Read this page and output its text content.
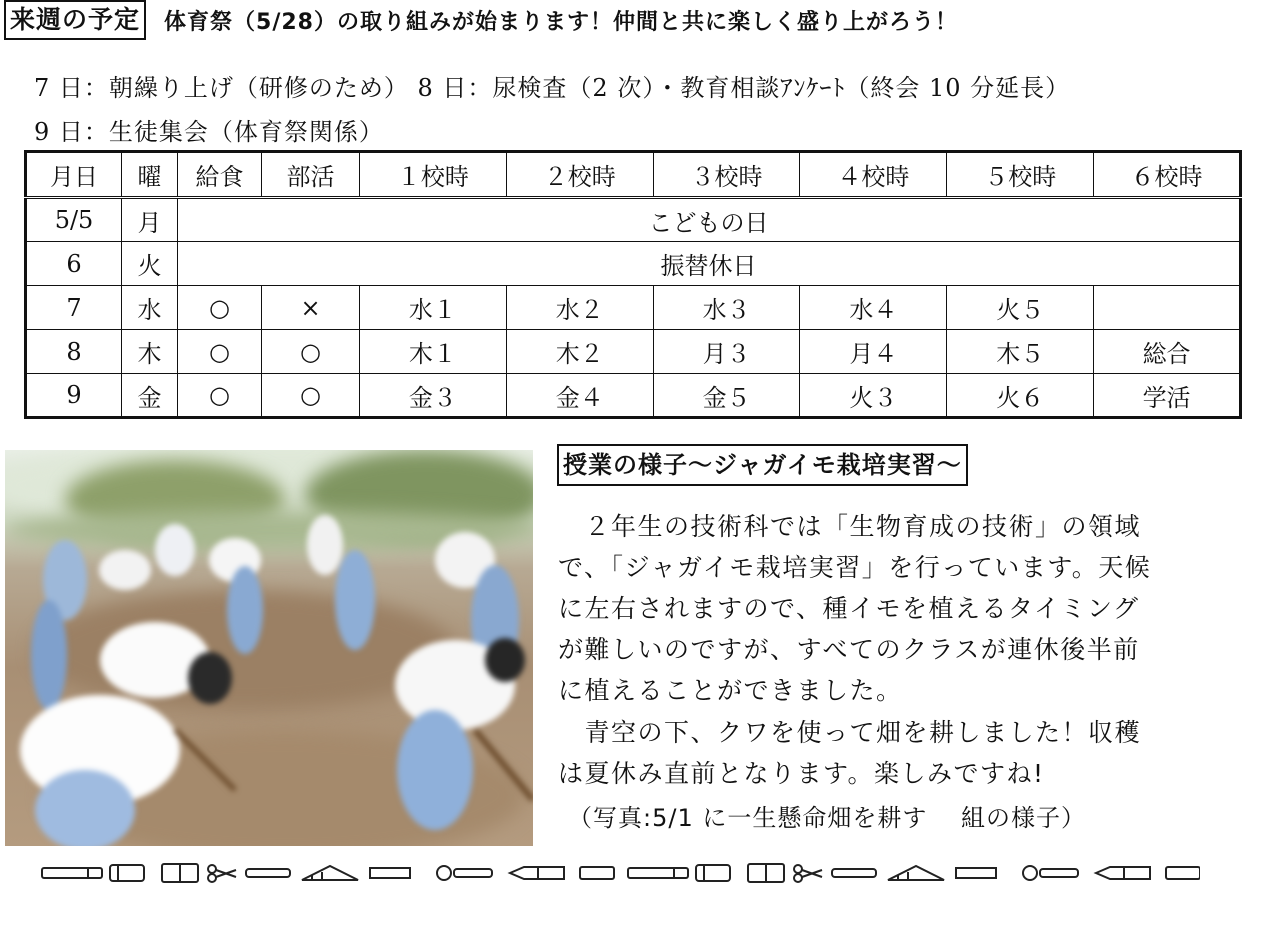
来週の予定 体育祭（5/28）の取り組みが始まります！仲間と共に楽しく盛り上がろう！
7 日：朝繰り上げ（研修のため） 8 日：尿検査（2 次）・教育相談ｱﾝｹｰﾄ（終会 10 分延長）
9 日：生徒集会（体育祭関係）
月日	曜	給食	部活	１校時	２校時	３校時	４校時	５校時	６校時
5/5	月	こどもの日							
6	火	振替休日							
7	水	○	×	水１	水２	水３	水４	火５	
8	木	○	○	木１	木２	月３	月４	木５	総合
9	金	○	○	金３	金４	金５	火３	火６	学活
授業の様子～ジャガイモ栽培実習～
　２年生の技術科では「生物育成の技術」の領域
で、「ジャガイモ栽培実習」を行っています。天候
に左右されますので、種イモを植えるタイミング
が難しいのですが、すべてのクラスが連休後半前
に植えることができました。
　青空の下、クワを使って畑を耕しました！収穫
は夏休み直前となります。楽しみですね!
（写真:5/1 に一生懸命畑を耕す　 組の様子）
